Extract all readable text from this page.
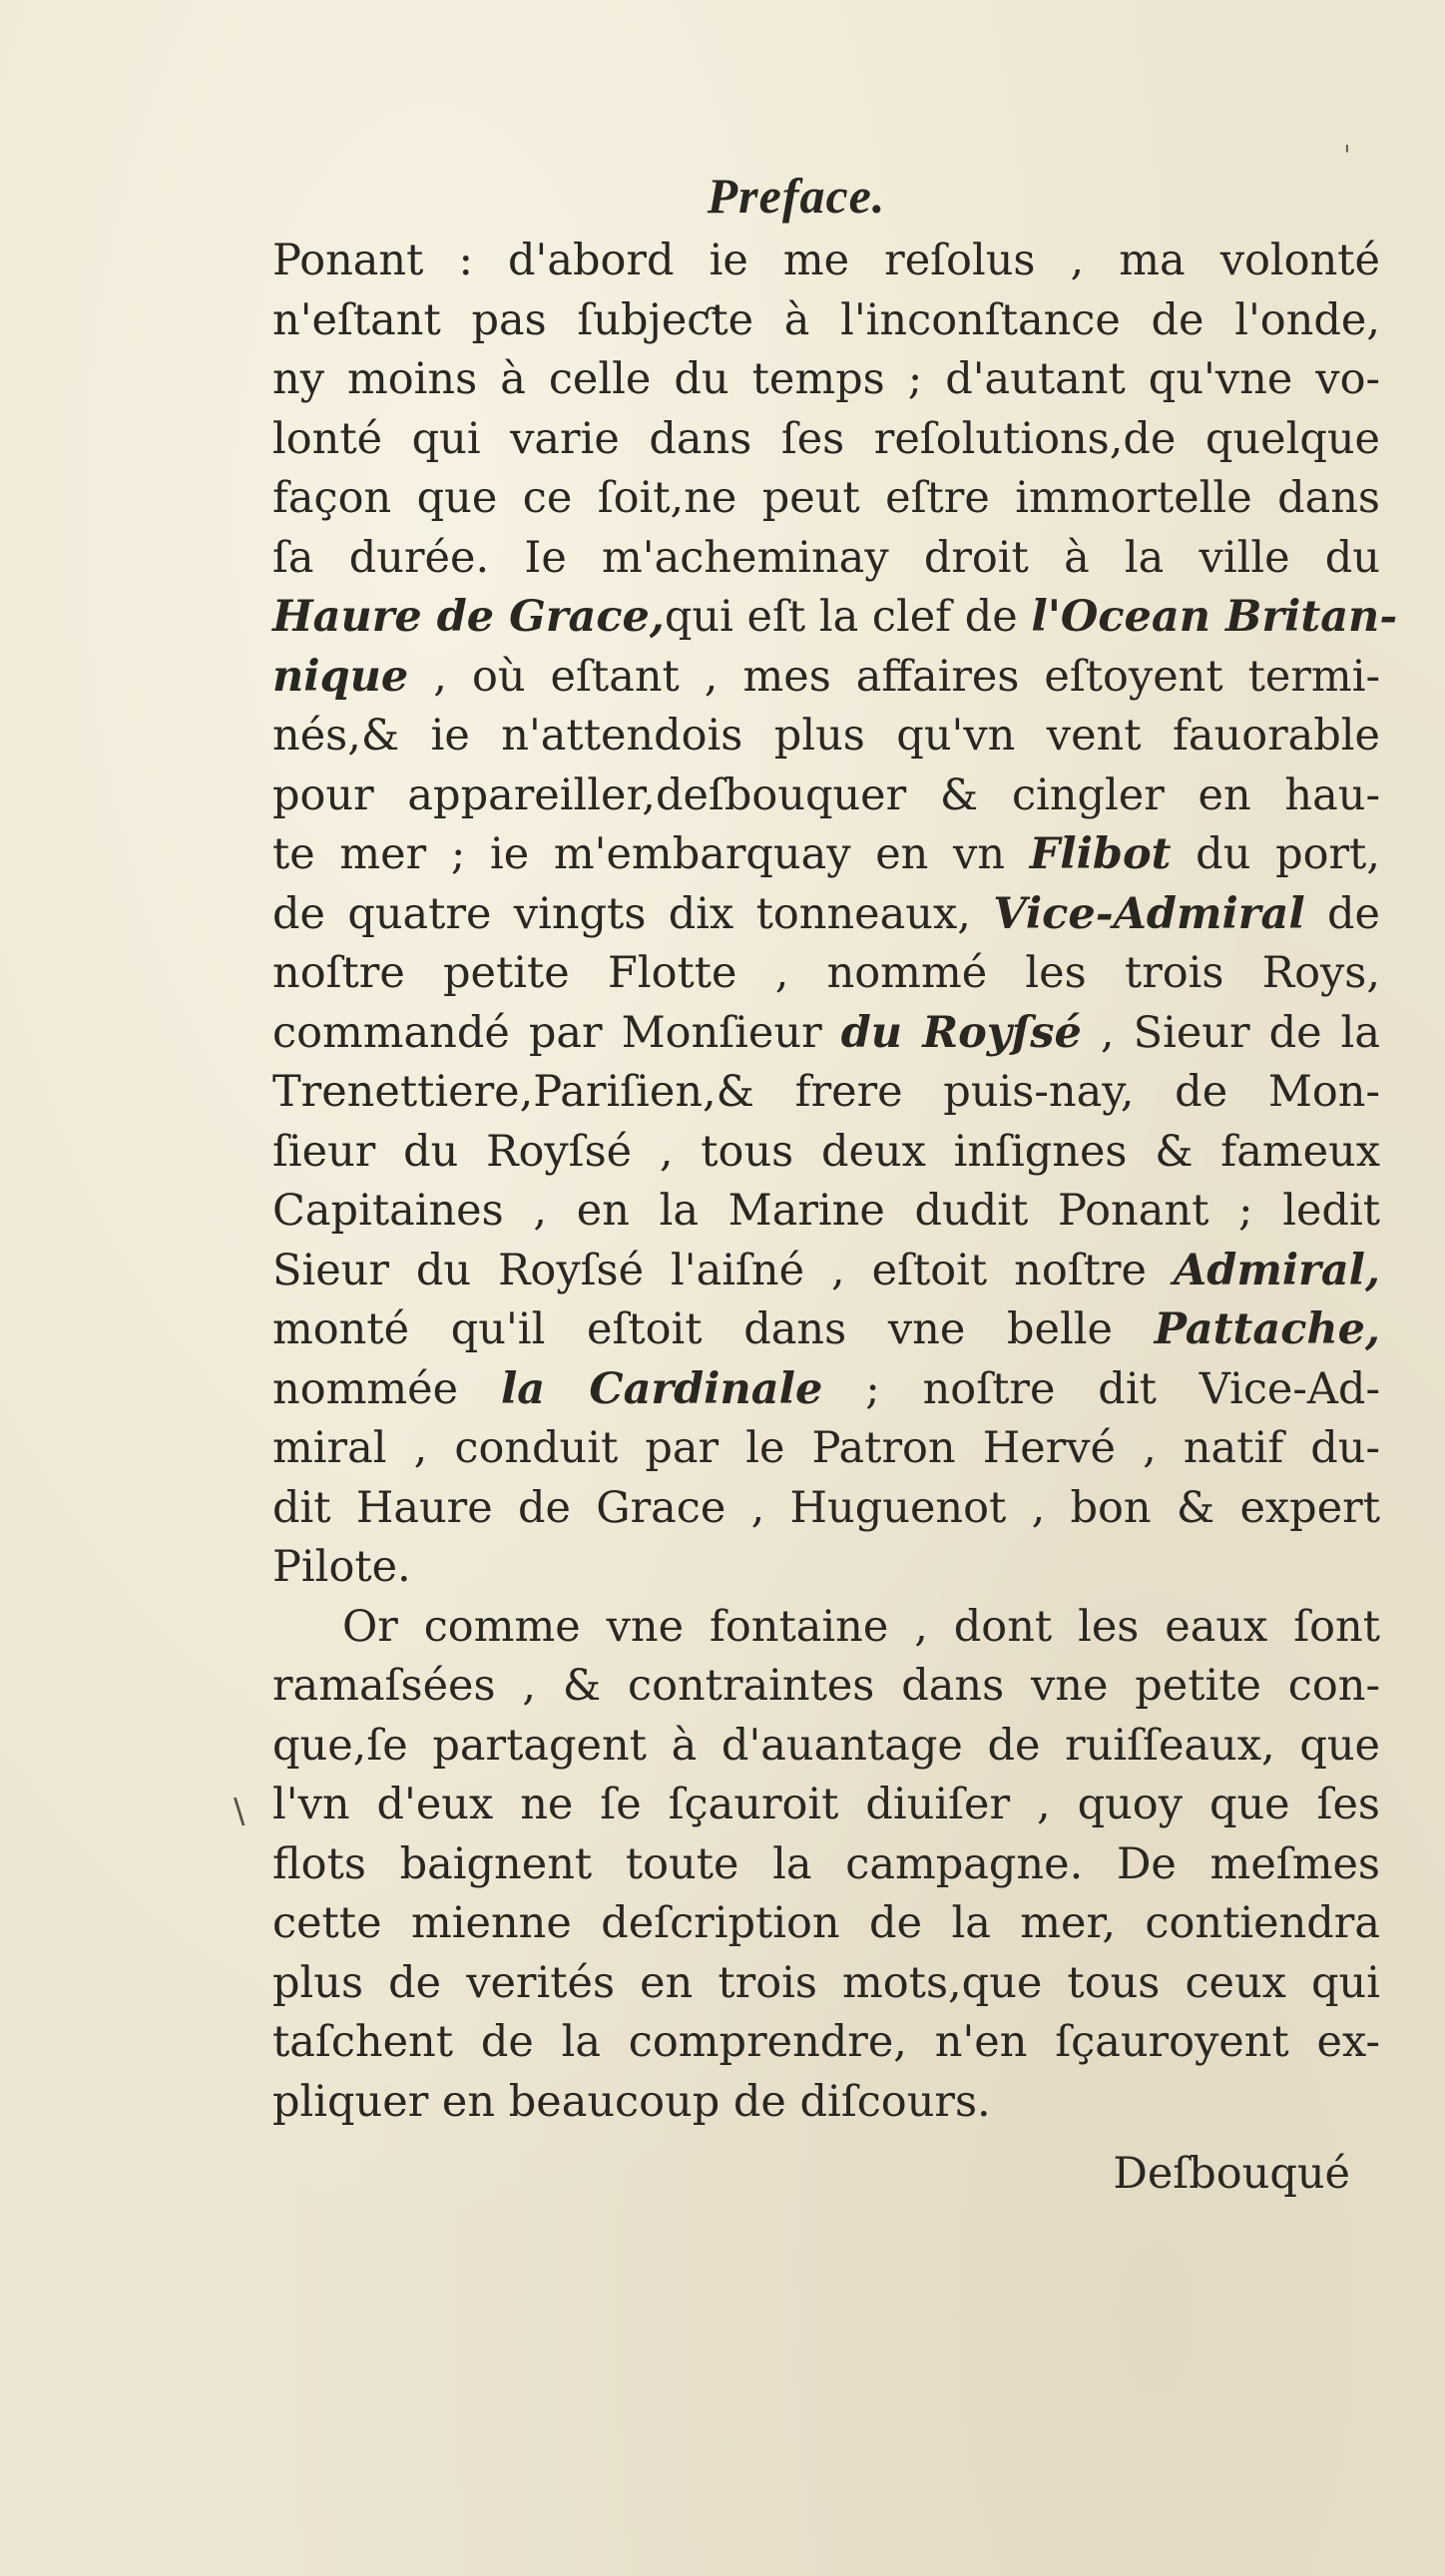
Preface.
Ponant : d'abord ie me reſolus , ma volonté
n'eſtant pas ſubjeƈte à l'inconſtance de l'onde,
ny moins à celle du temps ; d'autant qu'vne vo-
lonté qui varie dans ſes reſolutions,de quelque
façon que ce ſoit,ne peut eſtre immortelle dans
ſa durée. Ie m'acheminay droit à la ville du
Haure de Grace,qui eſt la clef de l'Ocean Britan-
nique , où eſtant , mes affaires eſtoyent termi-
nés,& ie n'attendois plus qu'vn vent fauorable
pour appareiller,deſbouquer & cingler en hau-
te mer ; ie m'embarquay en vn Flibot du port,
de quatre vingts dix tonneaux, Vice-Admiral de
noſtre petite Flotte , nommé les trois Roys,
commandé par Monſieur du Royſsé , Sieur de la
Trenettiere,Pariſien,& frere puis-nay, de Mon-
ſieur du Royſsé , tous deux inſignes & fameux
Capitaines , en la Marine dudit Ponant ; ledit
Sieur du Royſsé l'aiſné , eſtoit noſtre Admiral,
monté qu'il eſtoit dans vne belle Pattache,
nommée la Cardinale ; noſtre dit Vice-Ad-
miral , conduit par le Patron Hervé , natif du-
dit Haure de Grace , Huguenot , bon & expert
Pilote.
Or comme vne fontaine , dont les eaux ſont
ramaſsées , & contraintes dans vne petite con-
que,ſe partagent à d'auantage de ruiſſeaux, que
l'vn d'eux ne ſe ſçauroit diuiſer , quoy que ſes
flots baignent toute la campagne. De meſmes
cette mienne deſcription de la mer, contiendra
plus de verités en trois mots,que tous ceux qui
taſchent de la comprendre, n'en ſçauroyent ex-
pliquer en beaucoup de diſcours.
Deſbouqué
ˈ
\
